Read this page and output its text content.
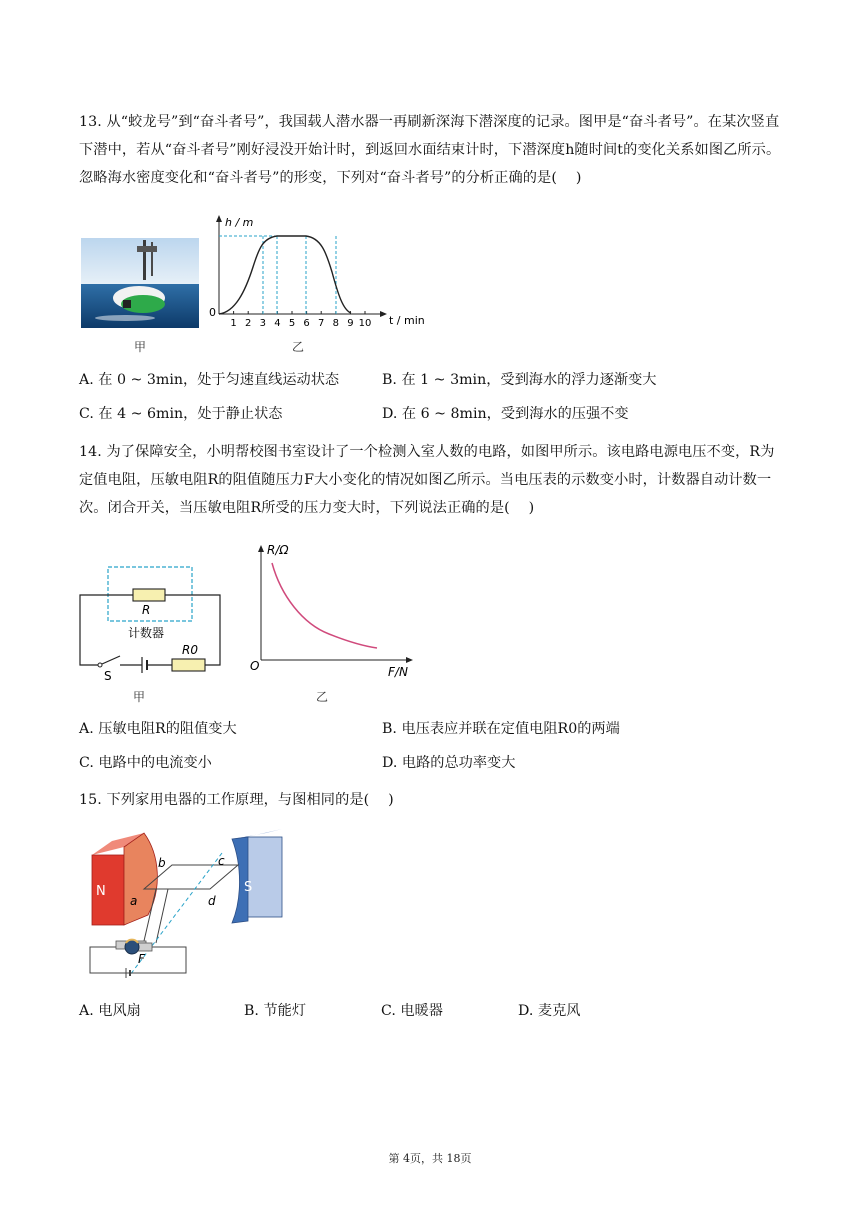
13. 从“蛟龙号”到“奋斗者号”，我国载人潜水器一再刷新深海下潜深度的记录。图甲是“奋斗者号”。在某次竖直下潜中，若从“奋斗者号”刚好浸没开始计时，到返回水面结束计时，下潜深度h随时间t的变化关系如图乙所示。忽略海水密度变化和“奋斗者号”的形变，下列对“奋斗者号”的分析正确的是(　 )
甲
h / m
t / min
0
1 2 3 4 5 6 7 8 9 10
乙
A. 在 0 ~ 3min，处于匀速直线运动状态	B. 在 1 ~ 3min，受到海水的浮力逐渐变大
C. 在 4 ~ 6min，处于静止状态	D. 在 6 ~ 8min，受到海水的压强不变
14. 为了保障安全，小明帮校图书室设计了一个检测入室人数的电路，如图甲所示。该电路电源电压不变，R为定值电阻，压敏电阻R的阻值随压力F大小变化的情况如图乙所示。当电压表的示数变小时，计数器自动计数一次。闭合开关，当压敏电阻R所受的压力变大时，下列说法正确的是(　 )
R
计数器
R0
S
甲
R/Ω
F/N
O
乙
A. 压敏电阻R的阻值变大	B. 电压表应并联在定值电阻R0的两端
C. 电路中的电流变小	D. 电路的总功率变大
15. 下列家用电器的工作原理，与图相同的是(　 )
N	S
a
b	c
d
F
A. 电风扇	B. 节能灯	C. 电暖器	D. 麦克风
第 4页，共 18页
